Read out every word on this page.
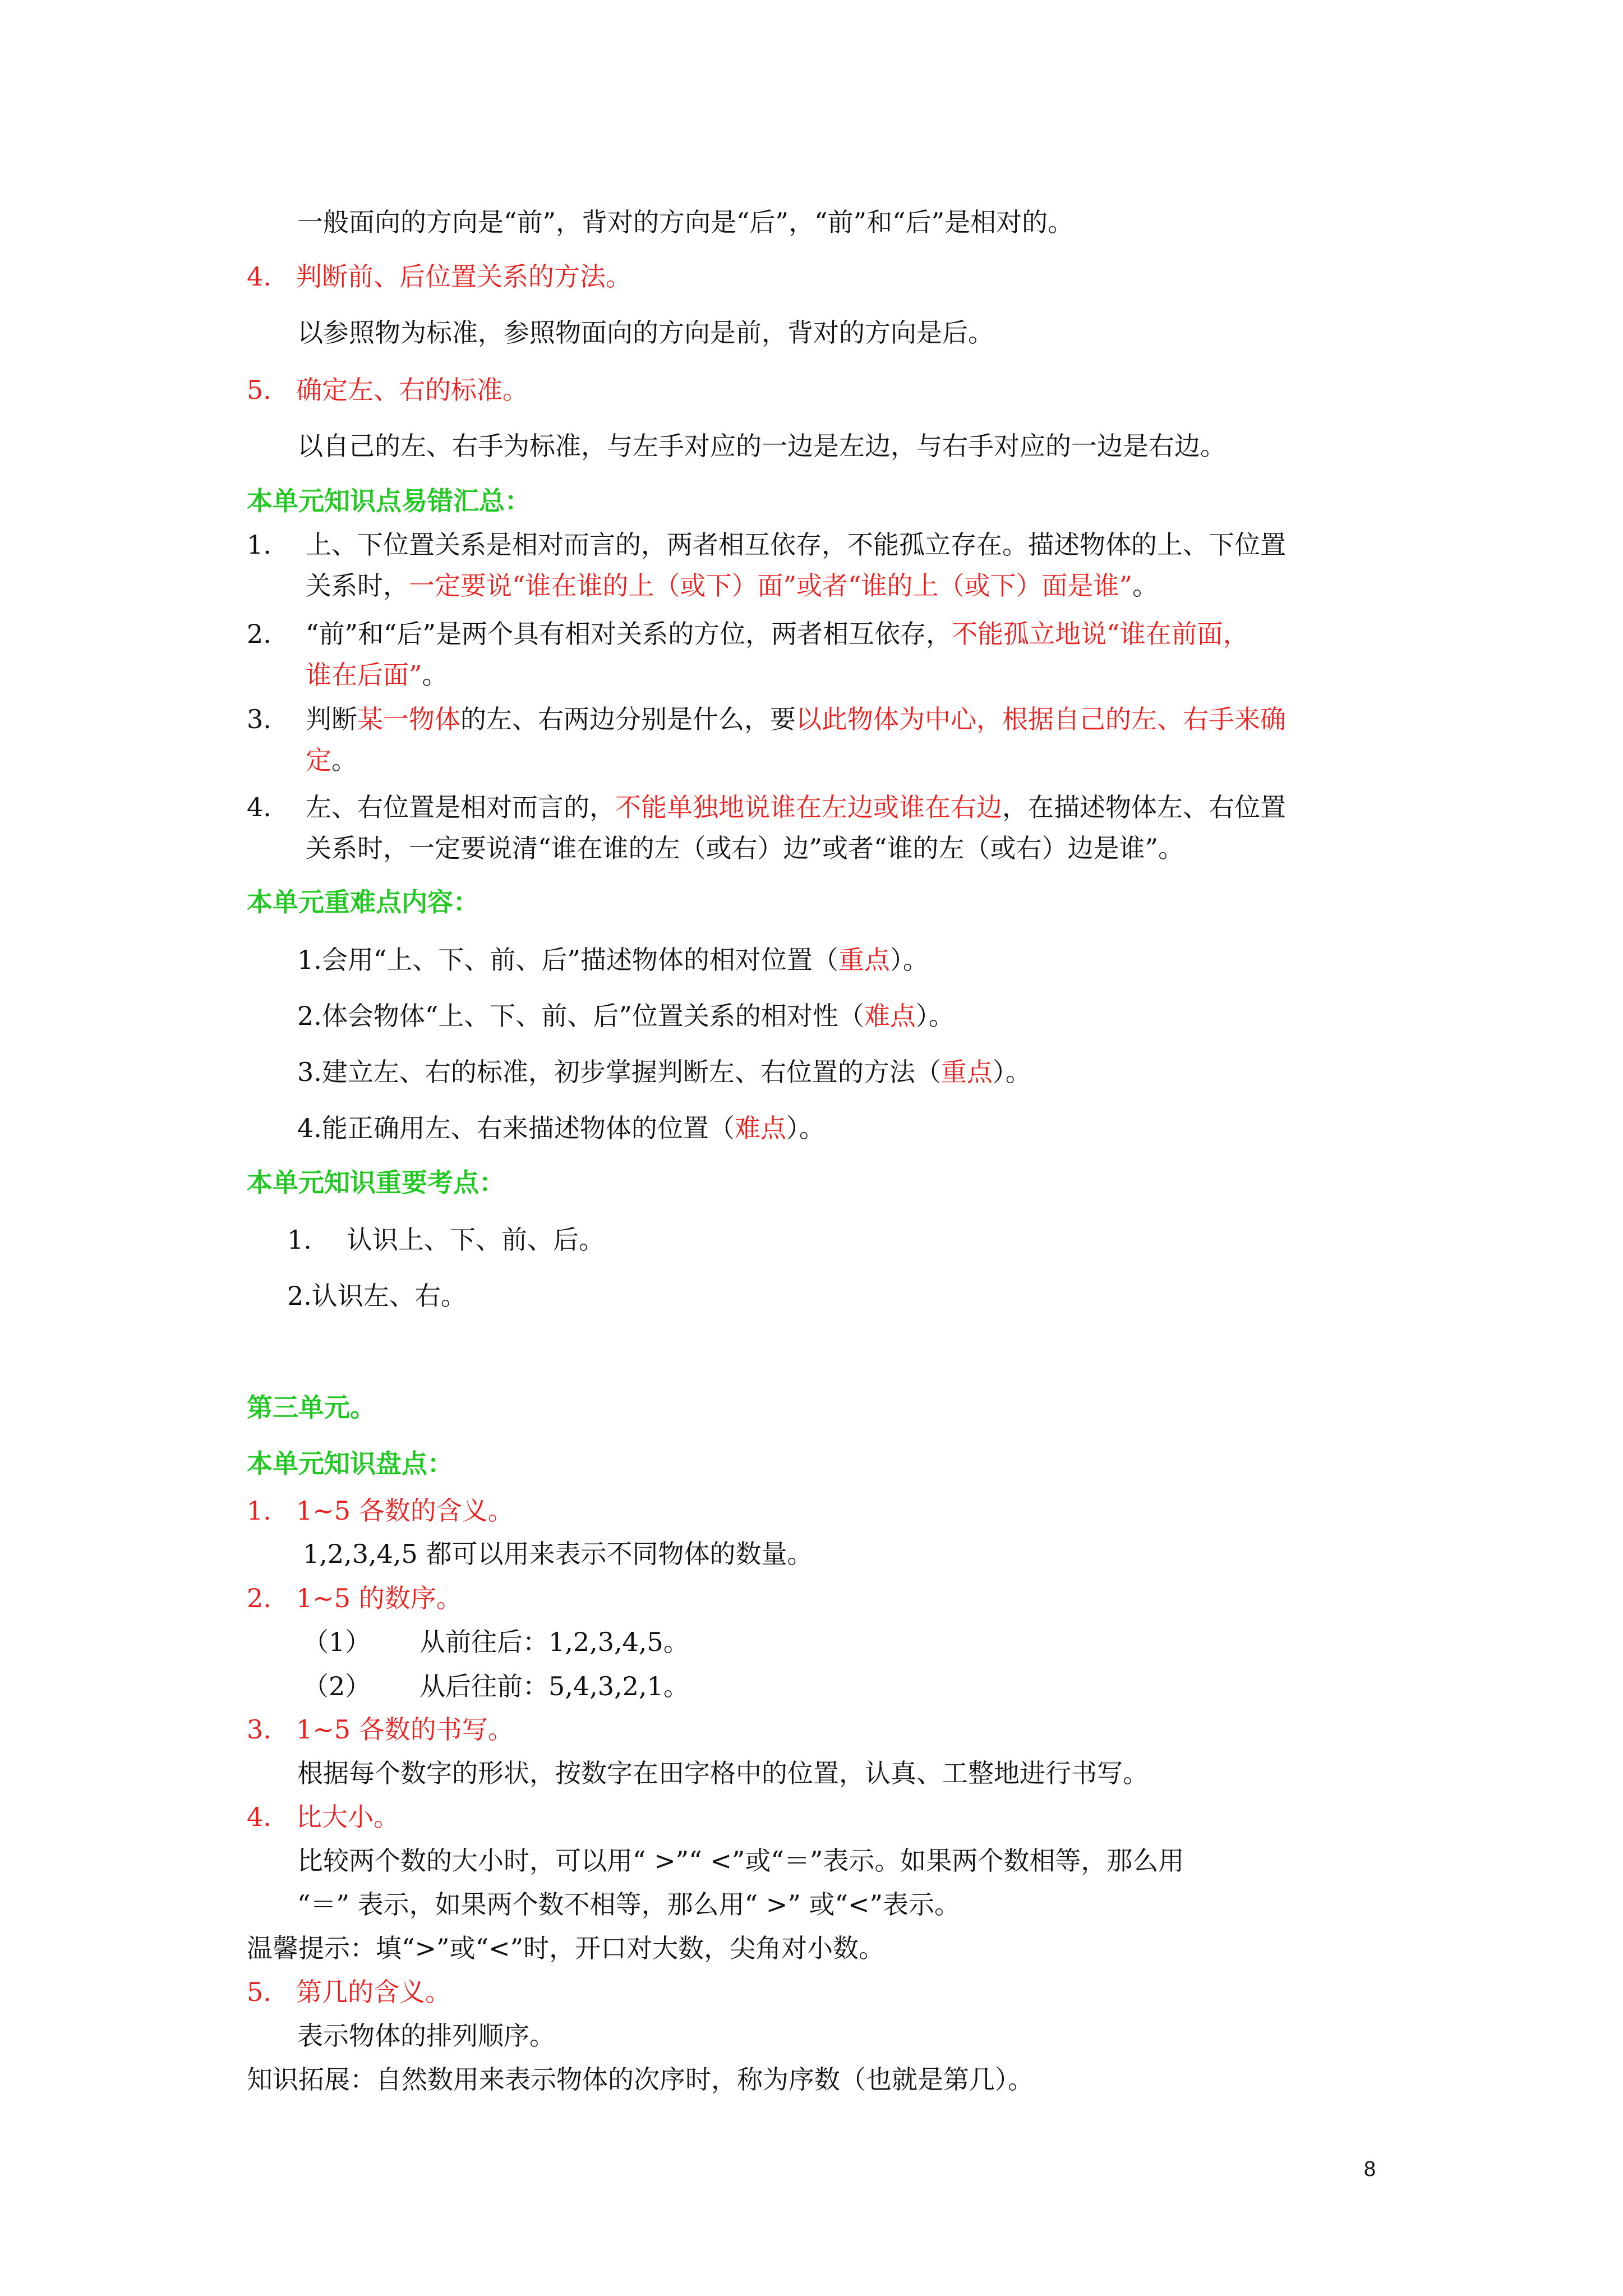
一般面向的方向是“前”，背对的方向是“后”，“前”和“后”是相对的。
4. 判断前、后位置关系的方法。
以参照物为标准，参照物面向的方向是前，背对的方向是后。
5. 确定左、右的标准。
以自己的左、右手为标准，与左手对应的一边是左边，与右手对应的一边是右边。
本单元知识点易错汇总：
1. 上、下位置关系是相对而言的，两者相互依存，不能孤立存在。描述物体的上、下位置
关系时，一定要说“谁在谁的上（或下）面”或者“谁的上（或下）面是谁”。
2. “前”和“后”是两个具有相对关系的方位，两者相互依存，不能孤立地说“谁在前面，
谁在后面”。
3. 判断某一物体的左、右两边分别是什么，要以此物体为中心，根据自己的左、右手来确
定。
4. 左、右位置是相对而言的，不能单独地说谁在左边或谁在右边，在描述物体左、右位置
关系时，一定要说清“谁在谁的左（或右）边”或者“谁的左（或右）边是谁”。
本单元重难点内容：
1.会用“上、下、前、后”描述物体的相对位置（重点）。
2.体会物体“上、下、前、后”位置关系的相对性（难点）。
3.建立左、右的标准，初步掌握判断左、右位置的方法（重点）。
4.能正确用左、右来描述物体的位置（难点）。
本单元知识重要考点：
1. 认识上、下、前、后。
2.认识左、右。
第三单元。
本单元知识盘点：
1. 1~5 各数的含义。
1,2,3,4,5 都可以用来表示不同物体的数量。
2. 1~5 的数序。
（1） 从前往后：1,2,3,4,5。
（2） 从后往前：5,4,3,2,1。
3. 1~5 各数的书写。
根据每个数字的形状，按数字在田字格中的位置，认真、工整地进行书写。
4. 比大小。
比较两个数的大小时，可以用“ >”“ <”或“＝”表示。如果两个数相等，那么用
“＝” 表示，如果两个数不相等，那么用“ >” 或“<”表示。
温馨提示：填“>”或“<”时，开口对大数，尖角对小数。
5. 第几的含义。
表示物体的排列顺序。
知识拓展：自然数用来表示物体的次序时，称为序数（也就是第几）。
8
